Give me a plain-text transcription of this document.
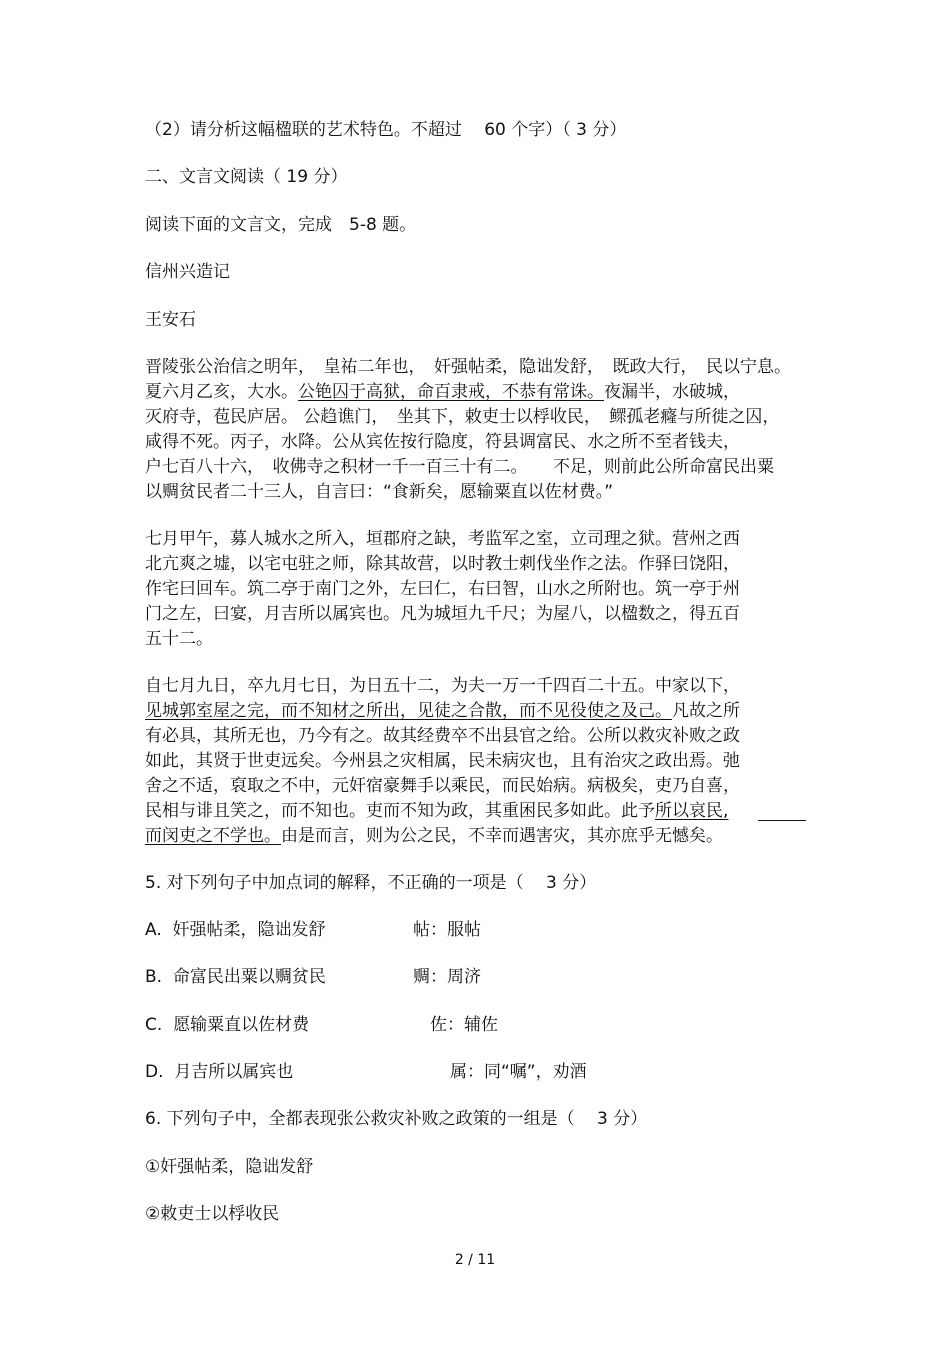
（2）请分析这幅楹联的艺术特色。不超过　 60 个字）（ 3 分）
二、文言文阅读（ 19 分）
阅读下面的文言文，完成　5-8 题。
信州兴造记
王安石
晋陵张公治信之明年，　皇祐二年也，　奸强帖柔，隐诎发舒，　既政大行，　民以宁息。
夏六月乙亥，大水。公铯囚于高狱，命百隶戒，不恭有常诛。夜漏半，水破城，
灭府寺，苞民庐居。 公趋谯门，　坐其下，敕吏士以桴收民，　鳏孤老癃与所徙之囚，
咸得不死。丙子，水降。公从宾佐按行隐度，符县调富民、水之所不至者钱夫，
户七百八十六，　收佛寺之积材一千一百三十有二。　　不足，则前此公所命富民出粟
以赒贫民者二十三人，自言曰：“食新矣，愿输粟直以佐材费。”
七月甲午，募人城水之所入，垣郡府之缺，考监军之室，立司理之狱。营州之西
北亢爽之墟，以宅屯驻之师，除其故营，以时教士刺伐坐作之法。作驿曰饶阳，
作宅曰回车。筑二亭于南门之外，左曰仁，右曰智，山水之所附也。筑一亭于州
门之左，曰宴，月吉所以属宾也。凡为城垣九千尺；为屋八，以楹数之，得五百
五十二。
自七月九日，卒九月七日，为日五十二，为夫一万一千四百二十五。中家以下，
见城郭室屋之完，而不知材之所出，见徒之合散，而不见役使之及己。凡故之所
有必具，其所无也，乃今有之。故其经费卒不出县官之给。公所以救灾补败之政
如此，其贤于世吏远矣。今州县之灾相属，民未病灾也，且有治灾之政出焉。弛
舍之不适，裒取之不中，元奸宿豪舞手以乘民，而民始病。病极矣，吏乃自喜，
民相与诽且笑之，而不知也。吏而不知为政，其重困民多如此。此予所以哀民,
而闵吏之不学也。由是而言，则为公之民，不幸而遇害灾，其亦庶乎无憾矣。
5. 对下列句子中加点词的解释，不正确的一项是（　 3 分）
A. 奸强帖柔，隐诎发舒	帖：服帖
B. 命富民出粟以赒贫民	赒：周济
C. 愿输粟直以佐材费	佐：辅佐
D. 月吉所以属宾也	属：同“嘱”，劝酒
6. 下列句子中，全都表现张公救灾补败之政策的一组是（　 3 分）
①奸强帖柔，隐诎发舒
②敕吏士以桴收民
2 / 11
